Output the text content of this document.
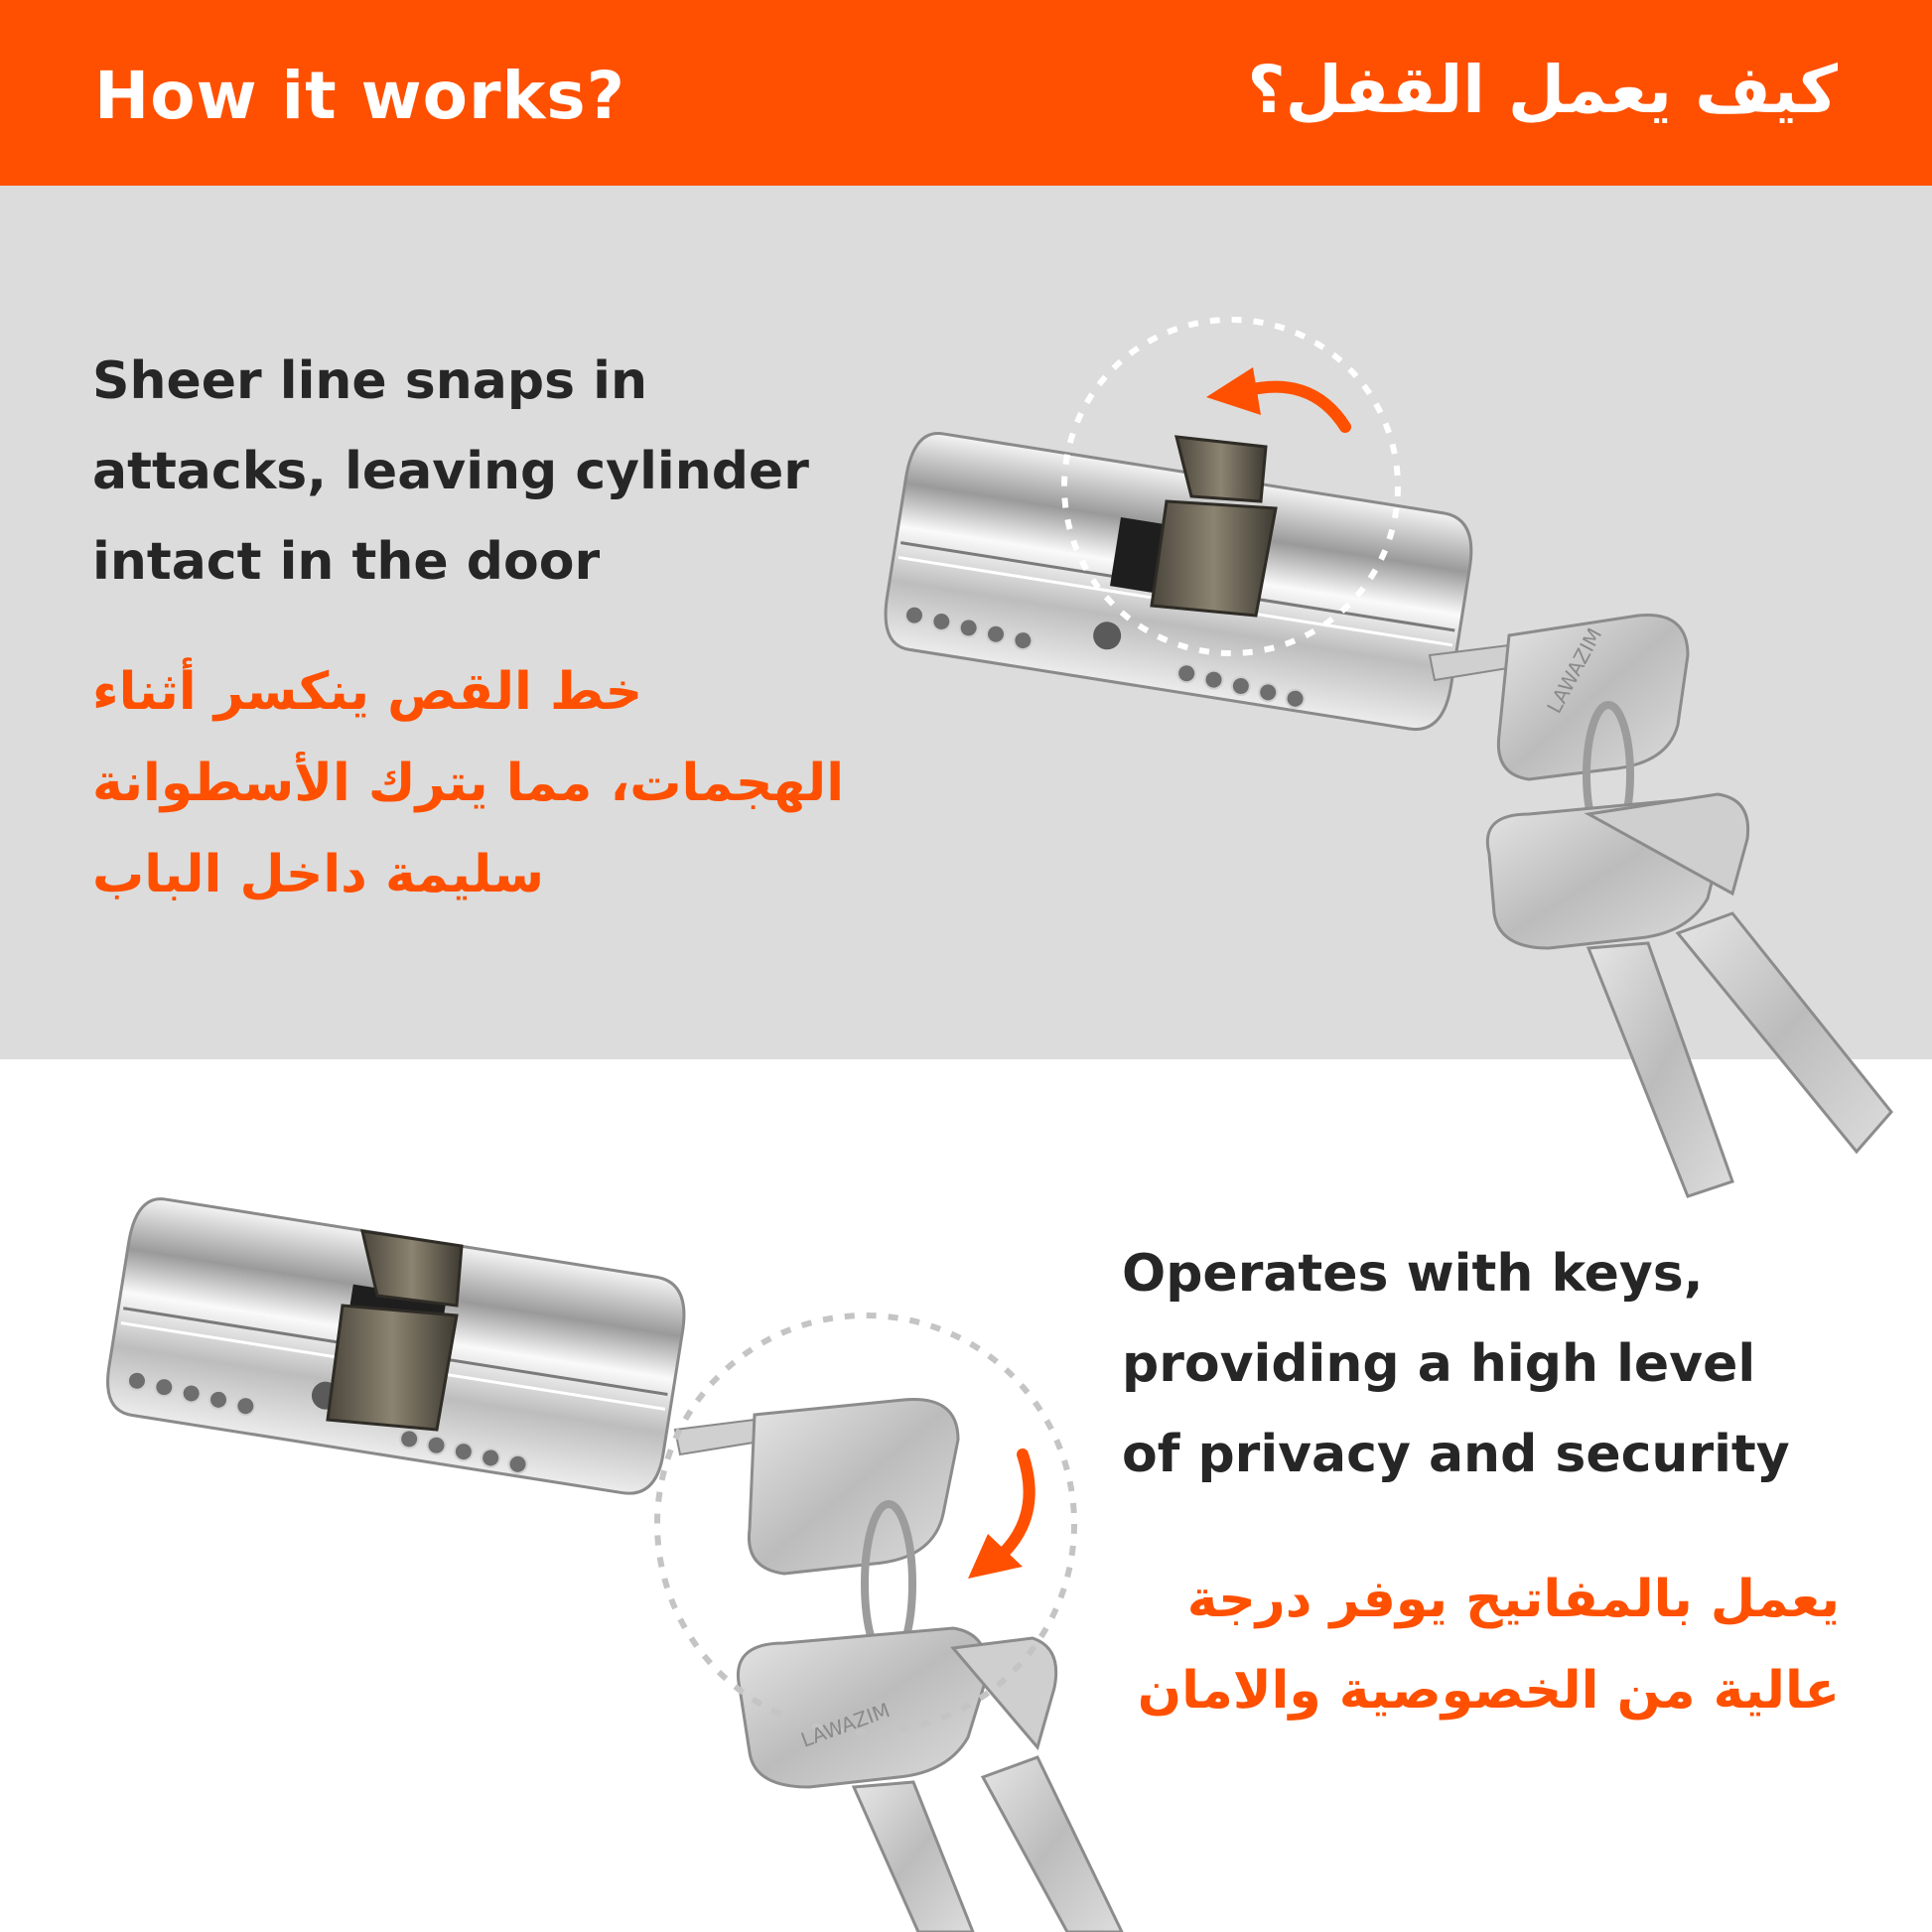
How it works?	كيف يعمل القفل؟
LAWAZIM
LAWAZIM
Sheer line snaps in
attacks, leaving cylinder
intact in the door
خط القص ينكسر أثناء
الهجمات، مما يترك الأسطوانة
سليمة داخل الباب
Operates with keys,
providing a high level
of privacy and security
يعمل بالمفاتيح يوفر درجة
عالية من الخصوصية والامان
